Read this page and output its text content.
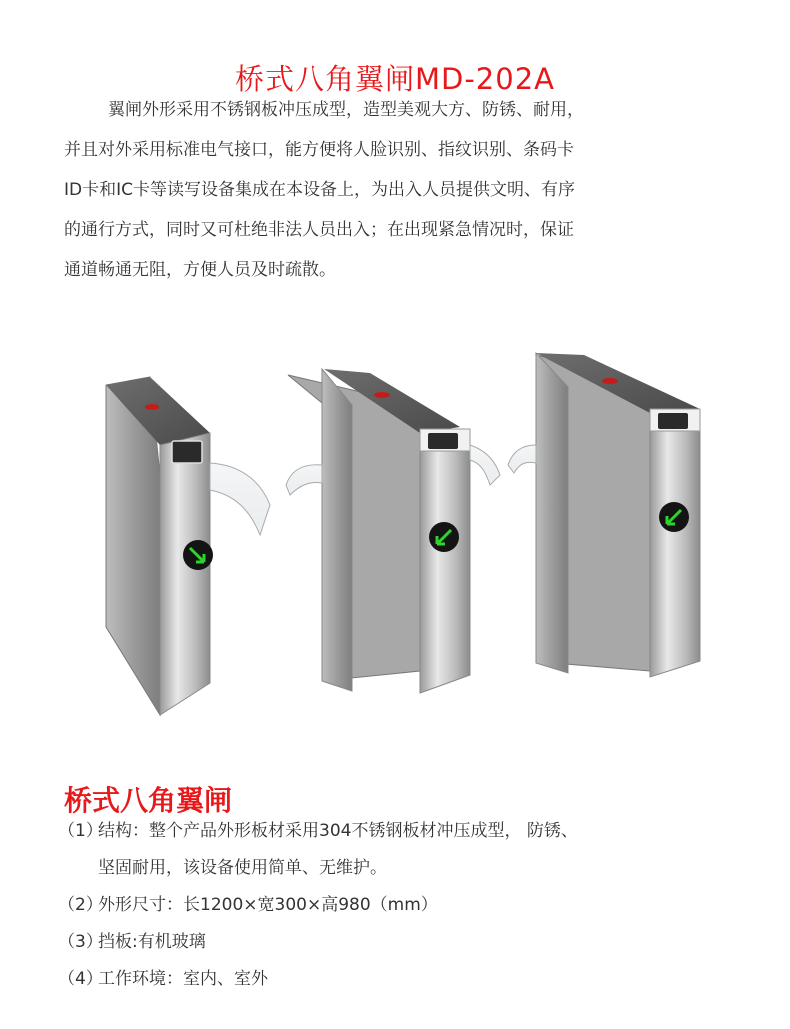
桥式八角翼闸MD-202A
翼闸外形采用不锈钢板冲压成型，造型美观大方、防锈、耐用，
并且对外采用标准电气接口，能方便将人脸识别、指纹识别、条码卡
ID卡和IC卡等读写设备集成在本设备上，为出入人员提供文明、有序
的通行方式，同时又可杜绝非法人员出入；在出现紧急情况时，保证
通道畅通无阻，方便人员及时疏散。
桥式八角翼闸
（1）结构：整个产品外形板材采用304不锈钢板材冲压成型， 防锈、
坚固耐用，该设备使用简单、无维护。
（2）外形尺寸：长1200×宽300×高980（mm）
（3）挡板:有机玻璃
（4）工作环境：室内、室外
